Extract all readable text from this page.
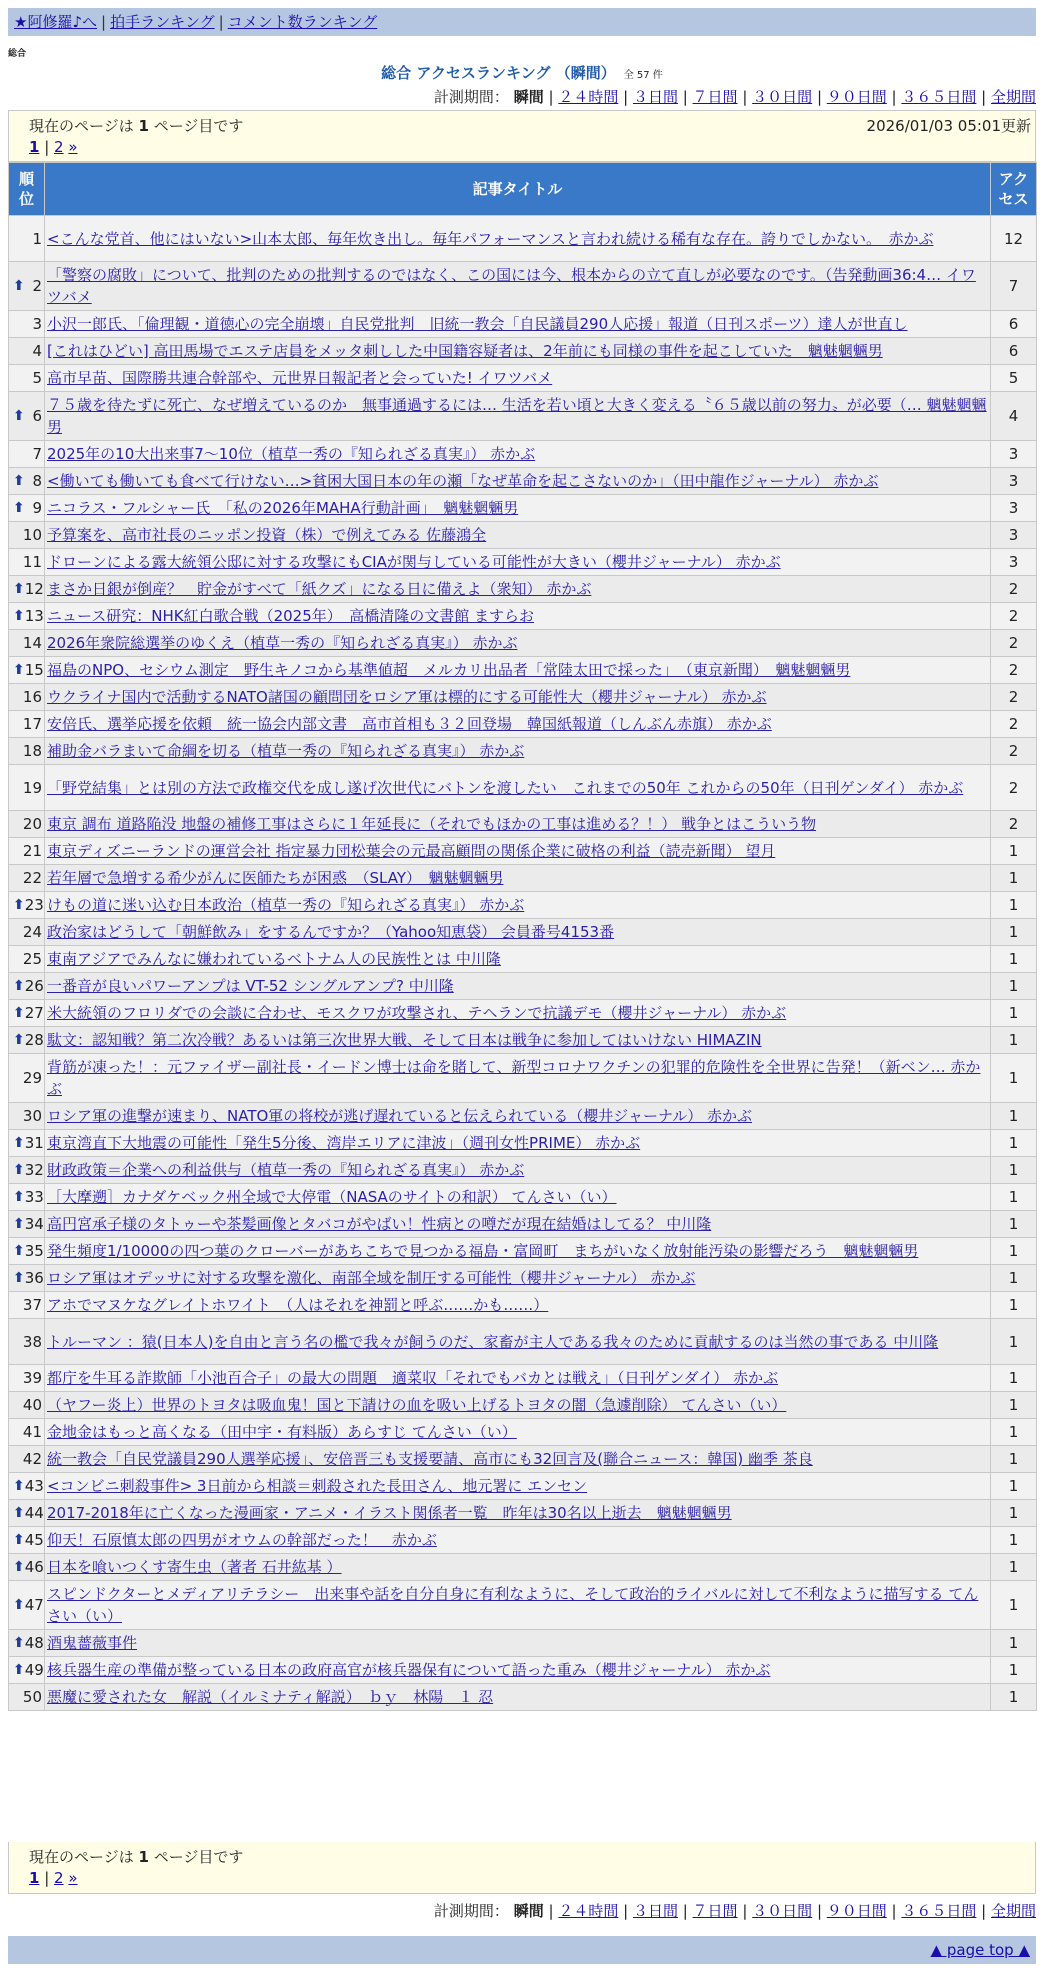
★阿修羅♪へ | 拍手ランキング | コメント数ランキング
総合
総合 アクセスランキング （瞬間） 全 57 件
計測期間： 瞬間 | ２４時間 | ３日間 | ７日間 | ３０日間 | ９０日間 | ３６５日間 | 全期間
現在のページは 1 ページ目です	2026/01/03 05:01更新
1 | 2 »
順位	記事タイトル	アクセス
1	<こんな党首、他にはいない>山本太郎、毎年炊き出し。毎年パフォーマンスと言われ続ける稀有な存在。誇りでしかない。　赤かぶ	12

⬆ 2	「警察の腐敗」について、批判のための批判するのではなく、この国には今、根本からの立て直しが必要なのです。（告発動画36:4… イワツバメ	7
3	小沢一郎氏、「倫理観・道徳心の完全崩壊」自民党批判　旧統一教会「自民議員290人応援」報道（日刊スポーツ）達人が世直し	6
4	[これはひどい] 高田馬場でエステ店員をメッタ刺しした中国籍容疑者は、2年前にも同様の事件を起こしていた　魑魅魍魎男	6
5	高市早苗、国際勝共連合幹部や、元世界日報記者と会っていた! イワツバメ	5

⬆ 6	７５歳を待たずに死亡、なぜ増えているのか　無事通過するには… 生活を若い頃と大きく変える〝６５歳以前の努力〟が必要（… 魑魅魍魎男	4
7	2025年の10大出来事7〜10位（植草一秀の『知られざる真実』） 赤かぶ	3

⬆ 8	<働いても働いても食べて行けない…>貧困大国日本の年の瀬「なぜ革命を起こさないのか」（田中龍作ジャーナル） 赤かぶ	3

⬆ 9	ニコラス・フルシャー氏　「私の2026年MAHA行動計画」　魑魅魍魎男	3
10	予算案を、高市社長のニッポン投資（株）で例えてみる 佐藤鴻全	3
11	ドローンによる露大統領公邸に対する攻撃にもCIAが関与している可能性が大きい（櫻井ジャーナル） 赤かぶ	3

⬆ 12	まさか日銀が倒産？　貯金がすべて「紙クズ」になる日に備えよ（衆知） 赤かぶ	2

⬆ 13	ニュース研究：NHK紅白歌合戦（2025年）　高橋清隆の文書館 ますらお	2
14	2026年衆院総選挙のゆくえ（植草一秀の『知られざる真実』） 赤かぶ	2

⬆ 15	福島のNPO、セシウム測定　野生キノコから基準値超　メルカリ出品者「常陸太田で採った」　（東京新聞）　魑魅魍魎男	2
16	ウクライナ国内で活動するNATO諸国の顧問団をロシア軍は標的にする可能性大（櫻井ジャーナル） 赤かぶ	2
17	安倍氏、選挙応援を依頼　統一協会内部文書　高市首相も３２回登場　韓国紙報道（しんぶん赤旗） 赤かぶ	2
18	補助金バラまいて命綱を切る（植草一秀の『知られざる真実』） 赤かぶ	2
19	「野党結集」とは別の方法で政権交代を成し遂げ次世代にバトンを渡したい　これまでの50年 これからの50年（日刊ゲンダイ） 赤かぶ	2
20	東京 調布 道路陥没 地盤の補修工事はさらに１年延長に（それでもほかの工事は進める？！） 戦争とはこういう物	2
21	東京ディズニーランドの運営会社 指定暴力団松葉会の元最高顧問の関係企業に破格の利益（読売新聞） 望月	1
22	若年層で急増する希少がんに医師たちが困惑　（SLAY）　魑魅魍魎男	1

⬆ 23	けもの道に迷い込む日本政治（植草一秀の『知られざる真実』） 赤かぶ	1
24	政治家はどうして「朝鮮飲み」をするんですか？（Yahoo知恵袋） 会員番号4153番	1
25	東南アジアでみんなに嫌われているベトナム人の民族性とは 中川隆	1

⬆ 26	一番音が良いパワーアンプは VT-52 シングルアンプ? 中川隆	1

⬆ 27	米大統領のフロリダでの会談に合わせ、モスクワが攻撃され、テヘランで抗議デモ（櫻井ジャーナル） 赤かぶ	1

⬆ 28	駄文：認知戦？第二次冷戦？あるいは第三次世界大戦、そして日本は戦争に参加してはいけない HIMAZIN	1
29	背筋が凍った！：元ファイザー副社長・イードン博士は命を賭して、新型コロナワクチンの犯罪的危険性を全世界に告発！（新ベン… 赤かぶ	1
30	ロシア軍の進撃が速まり、NATO軍の将校が逃げ遅れていると伝えられている（櫻井ジャーナル） 赤かぶ	1

⬆ 31	東京湾直下大地震の可能性「発生5分後、湾岸エリアに津波」（週刊女性PRIME） 赤かぶ	1

⬆ 32	財政政策＝企業への利益供与（植草一秀の『知られざる真実』） 赤かぶ	1

⬆ 33	［大摩遡］カナダケベック州全域で大停電（NASAのサイトの和訳） てんさい（い）	1

⬆ 34	高円宮承子様のタトゥーや茶髪画像とタバコがやばい！性病との噂だが現在結婚はしてる？ 中川隆	1

⬆ 35	発生頻度1/10000の四つ葉のクローバーがあちこちで見つかる福島・富岡町　まちがいなく放射能汚染の影響だろう　魑魅魍魎男	1

⬆ 36	ロシア軍はオデッサに対する攻撃を激化、南部全域を制圧する可能性（櫻井ジャーナル） 赤かぶ	1
37	アホでマヌケなグレイトホワイト　（人はそれを神罰と呼ぶ……かも……）	1
38	トルーマン ：猿(日本人)を自由と言う名の檻で我々が飼うのだ、家畜が主人である我々のために貢献するのは当然の事である 中川隆	1
39	都庁を牛耳る詐欺師「小池百合子」の最大の問題　適菜収「それでもバカとは戦え」（日刊ゲンダイ） 赤かぶ	1
40	（ヤフー炎上）世界のトヨタは吸血鬼！国と下請けの血を吸い上げるトヨタの闇（急遽削除） てんさい（い）	1
41	金地金はもっと高くなる（田中宇・有料版）あらすじ てんさい（い）	1
42	統一教会「自民党議員290人選挙応援」、安倍晋三も支援要請、高市にも32回言及(聯合ニュース：韓国) 幽季 茶良	1

⬆ 43	<コンビニ刺殺事件> 3日前から相談＝刺殺された長田さん、地元署に エンセン	1

⬆ 44	2017-2018年に亡くなった漫画家・アニメ・イラスト関係者一覧　昨年は30名以上逝去　魑魅魍魎男	1

⬆ 45	仰天！石原慎太郎の四男がオウムの幹部だった！　赤かぶ	1

⬆ 46	日本を喰いつくす寄生虫（著者 石井紘基 ）	1

⬆ 47	スピンドクターとメディアリテラシー　出来事や話を自分自身に有利なように、そして政治的ライバルに対して不利なように描写する てんさい（い）	1

⬆ 48	酒鬼薔薇事件	1

⬆ 49	核兵器生産の準備が整っている日本の政府高官が核兵器保有について語った重み（櫻井ジャーナル） 赤かぶ	1
50	悪魔に愛された女　解説（イルミナティ解説）　ｂｙ　林陽　１ 忍	1
現在のページは 1 ページ目です
1 | 2 »
計測期間： 瞬間 | ２４時間 | ３日間 | ７日間 | ３０日間 | ９０日間 | ３６５日間 | 全期間
▲ page top ▲
